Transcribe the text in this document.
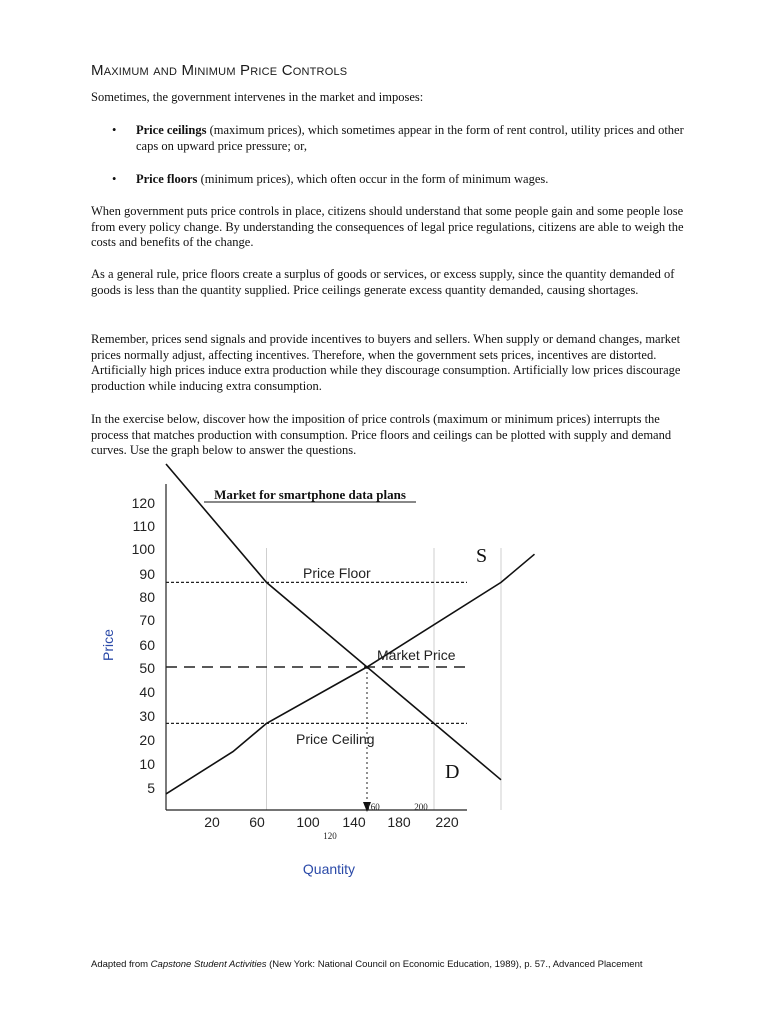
Maximum and Minimum Price Controls
Sometimes, the government intervenes in the market and imposes:
• Price ceilings (maximum prices), which sometimes appear in the form of rent control, utility prices and other caps on upward price pressure; or,
• Price floors (minimum prices), which often occur in the form of minimum wages.
When government puts price controls in place, citizens should understand that some people gain and some people lose from every policy change. By understanding the consequences of legal price regulations, citizens are able to weigh the costs and benefits of the change.
As a general rule, price floors create a surplus of goods or services, or excess supply, since the quantity demanded of goods is less than the quantity supplied. Price ceilings generate excess quantity demanded, causing shortages.
Remember, prices send signals and provide incentives to buyers and sellers. When supply or demand changes, market prices normally adjust, affecting incentives. Therefore, when the government sets prices, incentives are distorted. Artificially high prices induce extra production while they discourage consumption. Artificially low prices discourage production while inducing extra consumption.
In the exercise below, discover how the imposition of price controls (maximum or minimum prices) interrupts the process that matches production with consumption. Price floors and ceilings can be plotted with supply and demand curves. Use the graph below to answer the questions.
120
110
100
90
80
70
60
50
40
30
20
10
5
20 60 100 140 180 220
160	200
120
Market for smartphone data plans
Price Floor
Market Price
Price Ceiling
S
D
Price
Quantity
Adapted from Capstone Student Activities (New York: National Council on Economic Education, 1989), p. 57., Advanced Placement
